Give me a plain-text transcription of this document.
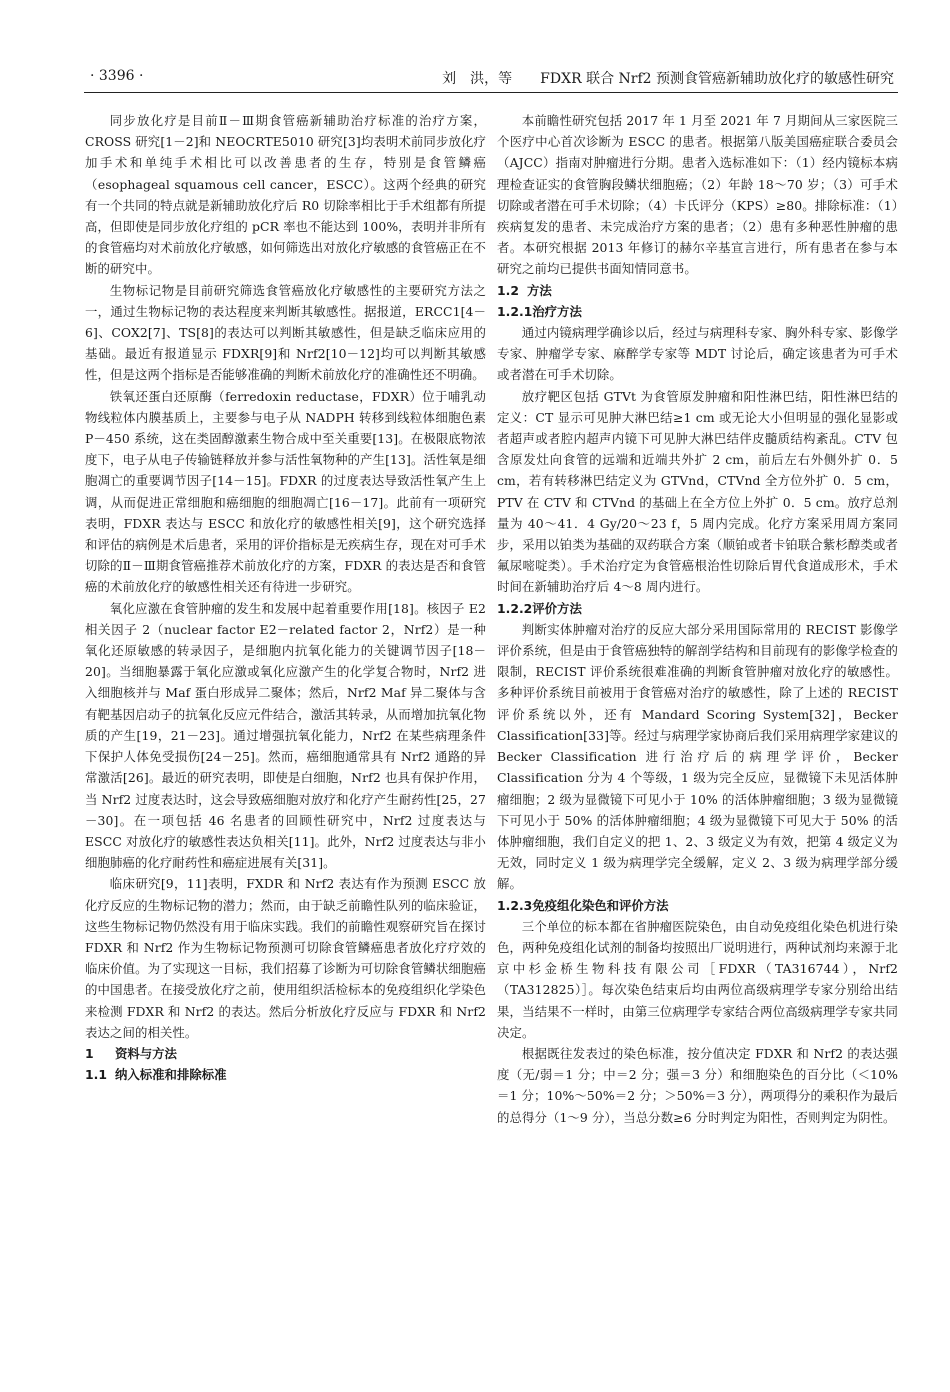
· 3396 ·	刘　洪，等　　FDXR 联合 Nrf2 预测食管癌新辅助放化疗的敏感性研究

同步放化疗是目前Ⅱ－Ⅲ期食管癌新辅助治疗标准的治疗方案，CROSS 研究[1－2]和 NEOCRTE5010 研究[3]均表明术前同步放化疗加手术和单纯手术相比可以改善患者的生存，特别是食管鳞癌（esophageal squamous cell cancer，ESCC）。这两个经典的研究有一个共同的特点就是新辅助放化疗后 R0 切除率相比于手术组都有所提高，但即使是同步放化疗组的 pCR 率也不能达到 100%，表明并非所有的食管癌均对术前放化疗敏感，如何筛选出对放化疗敏感的食管癌正在不断的研究中。

生物标记物是目前研究筛选食管癌放化疗敏感性的主要研究方法之一，通过生物标记物的表达程度来判断其敏感性。据报道，ERCC1[4－6]、COX2[7]、TS[8]的表达可以判断其敏感性，但是缺乏临床应用的基础。最近有报道显示 FDXR[9]和 Nrf2[10－12]均可以判断其敏感性，但是这两个指标是否能够准确的判断术前放化疗的准确性还不明确。

铁氧还蛋白还原酶（ferredoxin reductase，FDXR）位于哺乳动物线粒体内膜基质上，主要参与电子从 NADPH 转移到线粒体细胞色素 P－450 系统，这在类固醇激素生物合成中至关重要[13]。在极限底物浓度下，电子从电子传输链释放并参与活性氧物种的产生[13]。活性氧是细胞凋亡的重要调节因子[14－15]。FDXR 的过度表达导致活性氧产生上调，从而促进正常细胞和癌细胞的细胞凋亡[16－17]。此前有一项研究表明，FDXR 表达与 ESCC 和放化疗的敏感性相关[9]，这个研究选择和评估的病例是术后患者，采用的评价指标是无疾病生存，现在对可手术切除的Ⅱ－Ⅲ期食管癌推荐术前放化疗的方案，FDXR 的表达是否和食管癌的术前放化疗的敏感性相关还有待进一步研究。

氧化应激在食管肿瘤的发生和发展中起着重要作用[18]。核因子 E2 相关因子 2（nuclear factor E2－related factor 2，Nrf2）是一种氧化还原敏感的转录因子，是细胞内抗氧化能力的关键调节因子[18－20]。当细胞暴露于氧化应激或氧化应激产生的化学复合物时，Nrf2 进入细胞核并与 Maf 蛋白形成异二聚体；然后，Nrf2 Maf 异二聚体与含有靶基因启动子的抗氧化反应元件结合，激活其转录，从而增加抗氧化物质的产生[19，21－23]。通过增强抗氧化能力，Nrf2 在某些病理条件下保护人体免受损伤[24－25]。然而，癌细胞通常具有 Nrf2 通路的异常激活[26]。最近的研究表明，即使是白细胞，Nrf2 也具有保护作用，当 Nrf2 过度表达时，这会导致癌细胞对放疗和化疗产生耐药性[25，27－30]。在一项包括 46 名患者的回顾性研究中，Nrf2 过度表达与 ESCC 对放化疗的敏感性表达负相关[11]。此外，Nrf2 过度表达与非小细胞肺癌的化疗耐药性和癌症进展有关[31]。

临床研究[9，11]表明，FXDR 和 Nrf2 表达有作为预测 ESCC 放化疗反应的生物标记物的潜力；然而，由于缺乏前瞻性队列的临床验证，这些生物标记物仍然没有用于临床实践。我们的前瞻性观察研究旨在探讨 FDXR 和 Nrf2 作为生物标记物预测可切除食管鳞癌患者放化疗疗效的临床价值。为了实现这一目标，我们招募了诊断为可切除食管鳞状细胞癌的中国患者。在接受放化疗之前，使用组织活检标本的免疫组织化学染色来检测 FDXR 和 Nrf2 的表达。然后分析放化疗反应与 FDXR 和 Nrf2 表达之间的相关性。

1 资料与方法
1.1 纳入标准和排除标准

本前瞻性研究包括 2017 年 1 月至 2021 年 7 月期间从三家医院三个医疗中心首次诊断为 ESCC 的患者。根据第八版美国癌症联合委员会（AJCC）指南对肿瘤进行分期。患者入选标准如下：（1）经内镜标本病理检查证实的食管胸段鳞状细胞癌；（2）年龄 18～70 岁；（3）可手术切除或者潜在可手术切除；（4）卡氏评分（KPS）≥80。排除标准：（1）疾病复发的患者、未完成治疗方案的患者；（2）患有多种恶性肿瘤的患者。本研究根据 2013 年修订的赫尔辛基宣言进行，所有患者在参与本研究之前均已提供书面知情同意书。

1.2 方法
1.2.1治疗方法

通过内镜病理学确诊以后，经过与病理科专家、胸外科专家、影像学专家、肿瘤学专家、麻醉学专家等 MDT 讨论后，确定该患者为可手术或者潜在可手术切除。

放疗靶区包括 GTVt 为食管原发肿瘤和阳性淋巴结，阳性淋巴结的定义：CT 显示可见肿大淋巴结≥1 cm 或无论大小但明显的强化显影或者超声或者腔内超声内镜下可见肿大淋巴结伴皮髓质结构紊乱。CTV 包含原发灶向食管的远端和近端共外扩 2 cm，前后左右外侧外扩 0．5 cm，若有转移淋巴结定义为 GTVnd，CTVnd 全方位外扩 0．5 cm，PTV 在 CTV 和 CTVnd 的基础上在全方位上外扩 0．5 cm。放疗总剂量为 40～41．4 Gy/20～23 f，5 周内完成。化疗方案采用周方案同步，采用以铂类为基础的双药联合方案（顺铂或者卡铂联合紫杉醇类或者氟尿嘧啶类）。手术治疗定为食管癌根治性切除后胃代食道成形术，手术时间在新辅助治疗后 4～8 周内进行。

1.2.2评价方法

判断实体肿瘤对治疗的反应大部分采用国际常用的 RECIST 影像学评价系统，但是由于食管癌独特的解剖学结构和目前现有的影像学检查的限制，RECIST 评价系统很难准确的判断食管肿瘤对放化疗的敏感性。多种评价系统目前被用于食管癌对治疗的敏感性，除了上述的 RECIST 评价系统以外，还有 Mandard Scoring System[32]，Becker Classification[33]等。经过与病理学家协商后我们采用病理学家建议的 Becker Classification 进行治疗后的病理学评价，Becker Classification 分为 4 个等级，1 级为完全反应，显微镜下未见活体肿瘤细胞；2 级为显微镜下可见小于 10% 的活体肿瘤细胞；3 级为显微镜下可见小于 50% 的活体肿瘤细胞；4 级为显微镜下可见大于 50% 的活体肿瘤细胞，我们自定义的把 1、2、3 级定义为有效，把第 4 级定义为无效，同时定义 1 级为病理学完全缓解，定义 2、3 级为病理学部分缓解。

1.2.3免疫组化染色和评价方法

三个单位的标本都在省肿瘤医院染色，由自动免疫组化染色机进行染色，两种免疫组化试剂的制备均按照出厂说明进行，两种试剂均来源于北京中杉金桥生物科技有限公司［FDXR（TA316744），Nrf2（TA312825）］。每次染色结束后均由两位高级病理学专家分别给出结果，当结果不一样时，由第三位病理学专家结合两位高级病理学专家共同决定。

根据既往发表过的染色标准，按分值决定 FDXR 和 Nrf2 的表达强度（无/弱＝1 分；中＝2 分；强＝3 分）和细胞染色的百分比（＜10%＝1 分；10%～50%＝2 分；＞50%＝3 分），两项得分的乘积作为最后的总得分（1～9 分），当总分数≥6 分时判定为阳性，否则判定为阴性。
